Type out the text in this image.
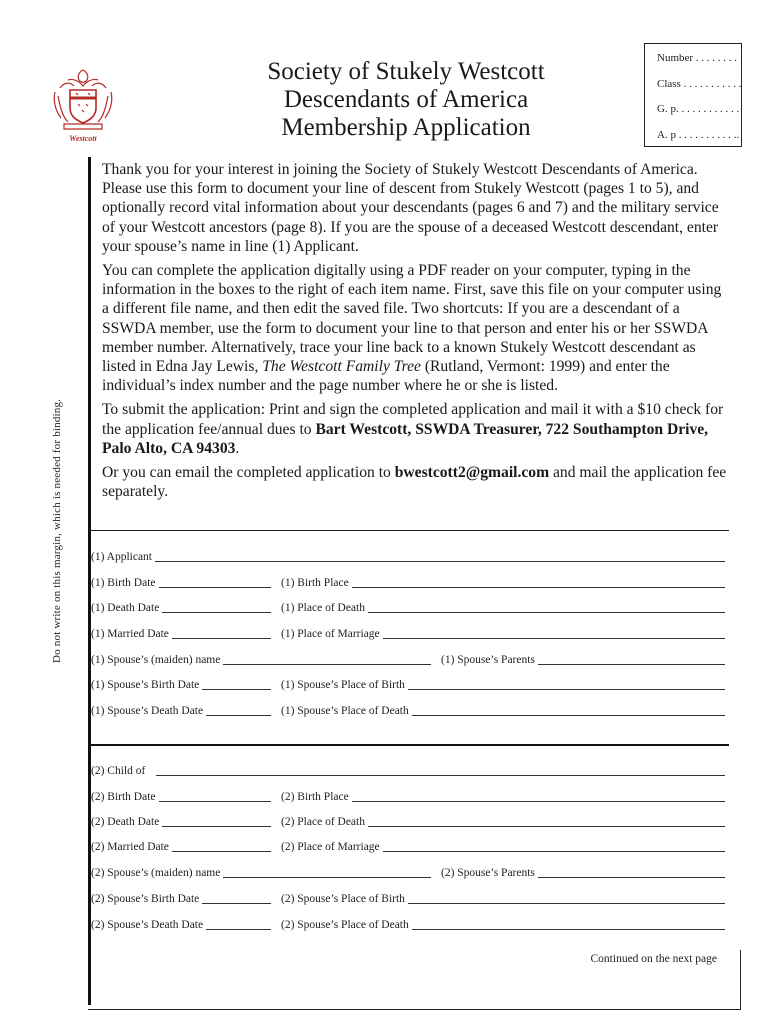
Westcott
Society of Stukely Westcott
Descendants of America
Membership Application
Number . . . . . . . .
Class . . . . . . . . . . .
G. p. . . . . . . . . . . .
A. p . . . . . . . . . . ..
Do not write on this margin, which is needed for binding.

Thank you for your interest in joining the Society of Stukely Westcott Descendants of America. Please use this form to document your line of descent from Stukely Westcott (pages 1 to 5), and optionally record vital information about your descendants (pages 6 and 7) and the military service of your Westcott ancestors (page 8). If you are the spouse of a deceased Westcott descendant, enter your spouse’s name in line (1) Applicant.

You can complete the application digitally using a PDF reader on your computer, typing in the information in the boxes to the right of each item name. First, save this file on your computer using a different file name, and then edit the saved file. Two shortcuts: If you are a descendant of a SSWDA member, use the form to document your line to that person and enter his or her SSWDA member number. Alternatively, trace your line back to a known Stukely Westcott descendant as listed in Edna Jay Lewis, The Westcott Family Tree (Rutland, Vermont: 1999) and enter the individual’s index number and the page number where he or she is listed.

To submit the application: Print and sign the completed application and mail it with a $10 check for the application fee/annual dues to Bart Westcott, SSWDA Treasurer, 722 Southampton Drive, Palo Alto, CA 94303.

Or you can email the completed application to bwestcott2@gmail.com and mail the application fee separately.

(1) Applicant
(1) Birth Date	(1) Birth Place
(1) Death Date	(1) Place of Death
(1) Married Date	(1) Place of Marriage
(1) Spouse’s (maiden) name	(1) Spouse’s Parents
(1) Spouse’s Birth Date	(1) Spouse’s Place of Birth
(1) Spouse’s Death Date	(1) Spouse’s Place of Death
(2) Child of
(2) Birth Date	(2) Birth Place
(2) Death Date	(2) Place of Death
(2) Married Date	(2) Place of Marriage
(2) Spouse’s (maiden) name	(2) Spouse’s Parents
(2) Spouse’s Birth Date	(2) Spouse’s Place of Birth
(2) Spouse’s Death Date	(2) Spouse’s Place of Death
Continued on the next page
